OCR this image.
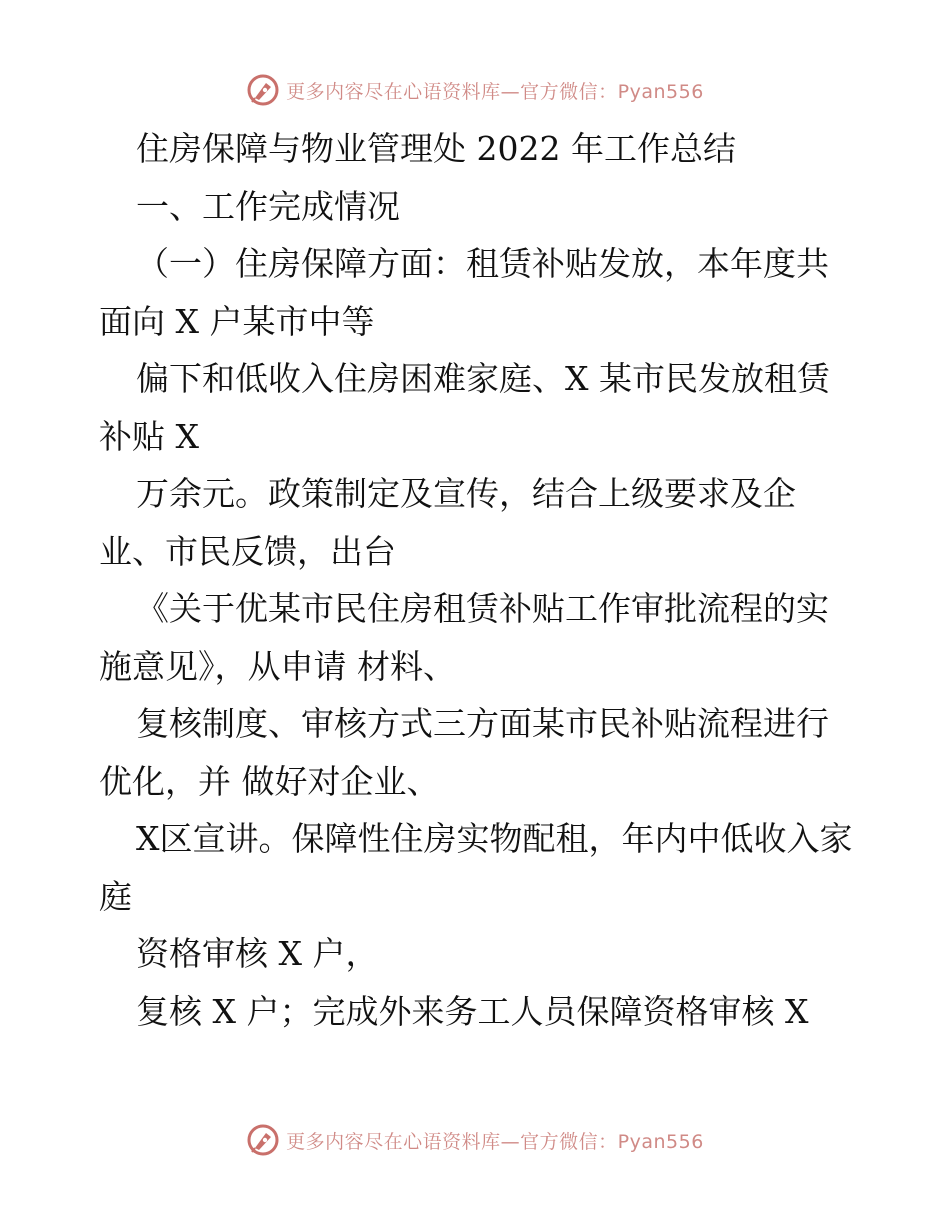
更多内容尽在心语资料库—官方微信：Pyan556

住房保障与物业管理处 2022 年工作总结

一、工作完成情况

（一）住房保障方面：租赁补贴发放，本年度共面向 X 户某市中等

偏下和低收入住房困难家庭、X 某市民发放租赁补贴 X

万余元。政策制定及宣传，结合上级要求及企业、市民反馈，出台

《关于优某市民住房租赁补贴工作审批流程的实施意见》，从申请 材料、

复核制度、审核方式三方面某市民补贴流程进行优化，并 做好对企业、

X区宣讲。保障性住房实物配租，年内中低收入家庭

资格审核 X 户，

复核 X 户；完成外来务工人员保障资格审核 X

更多内容尽在心语资料库—官方微信：Pyan556
